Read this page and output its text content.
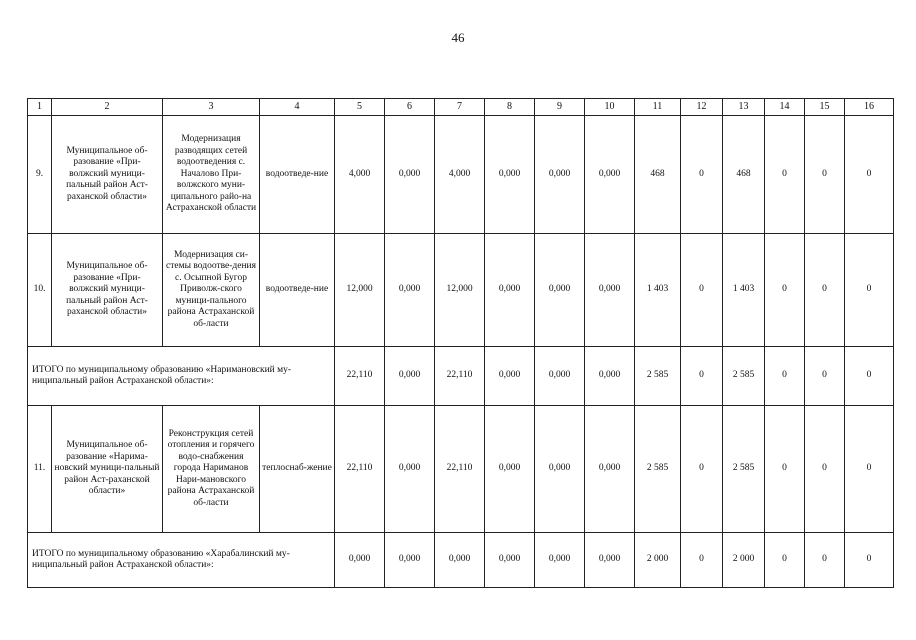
46
1	2	3	4	5	6	7	8	9	10	11	12	13	14	15	16
9.	Муниципальное об-разование «При-волжский муници-пальный район Аст-раханской области»	Модернизация разводящих сетей водоотведения с. Началово При-волжского муни-ципального райо-на Астраханской области	водоотведе-ние	4,000	0,000	4,000	0,000	0,000	0,000	468	0	468	0	0	0
10.	Муниципальное об-разование «При-волжский муници-пальный район Аст-раханской области»	Модернизация си-стемы водоотве-дения с. Осыпной Бугор Приволж-ского муници-пального района Астраханской об-ласти	водоотведе-ние	12,000	0,000	12,000	0,000	0,000	0,000	1 403	0	1 403	0	0	0
ИТОГО по муниципальному образованию «Наримановский му-ниципальный район Астраханской области»:				22,110	0,000	22,110	0,000	0,000	0,000	2 585	0	2 585	0	0	0
11.	Муниципальное об-разование «Нарима-новский муници-пальный район Аст-раханской области»	Реконструкция сетей отопления и горячего водо-снабжения города Нариманов Нари-мановского района Астраханской об-ласти	теплоснаб-жение	22,110	0,000	22,110	0,000	0,000	0,000	2 585	0	2 585	0	0	0
ИТОГО по муниципальному образованию «Харабалинский му-ниципальный район Астраханской области»:				0,000	0,000	0,000	0,000	0,000	0,000	2 000	0	2 000	0	0	0
